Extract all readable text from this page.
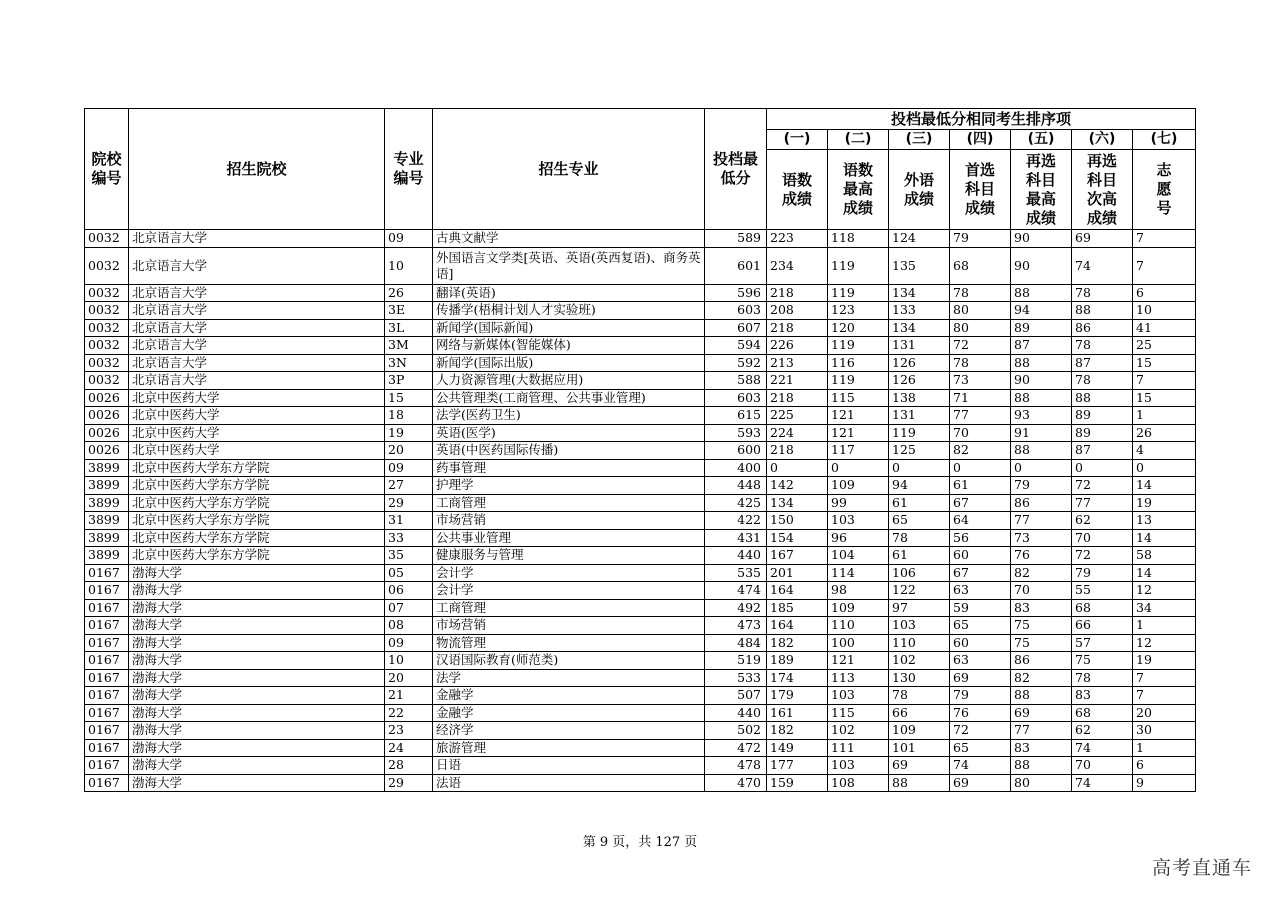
院校编号	招生院校	专业编号	招生专业	投档最低分	投档最低分相同考生排序项						
					(一)	(二)	(三)	(四)	(五)	(六)	(七)
					语数成绩	语数最高成绩	外语成绩	首选科目成绩	再选科目最高成绩	再选科目次高成绩	志愿号
0032	北京语言大学	09	古典文献学	589	223	118	124	79	90	69	7
0032	北京语言大学	10	外国语言文学类[英语、英语(英西复语)、商务英语]	601	234	119	135	68	90	74	7
0032	北京语言大学	26	翻译(英语)	596	218	119	134	78	88	78	6
0032	北京语言大学	3E	传播学(梧桐计划人才实验班)	603	208	123	133	80	94	88	10
0032	北京语言大学	3L	新闻学(国际新闻)	607	218	120	134	80	89	86	41
0032	北京语言大学	3M	网络与新媒体(智能媒体)	594	226	119	131	72	87	78	25
0032	北京语言大学	3N	新闻学(国际出版)	592	213	116	126	78	88	87	15
0032	北京语言大学	3P	人力资源管理(大数据应用)	588	221	119	126	73	90	78	7
0026	北京中医药大学	15	公共管理类(工商管理、公共事业管理)	603	218	115	138	71	88	88	15
0026	北京中医药大学	18	法学(医药卫生)	615	225	121	131	77	93	89	1
0026	北京中医药大学	19	英语(医学)	593	224	121	119	70	91	89	26
0026	北京中医药大学	20	英语(中医药国际传播)	600	218	117	125	82	88	87	4
3899	北京中医药大学东方学院	09	药事管理	400	0	0	0	0	0	0	0
3899	北京中医药大学东方学院	27	护理学	448	142	109	94	61	79	72	14
3899	北京中医药大学东方学院	29	工商管理	425	134	99	61	67	86	77	19
3899	北京中医药大学东方学院	31	市场营销	422	150	103	65	64	77	62	13
3899	北京中医药大学东方学院	33	公共事业管理	431	154	96	78	56	73	70	14
3899	北京中医药大学东方学院	35	健康服务与管理	440	167	104	61	60	76	72	58
0167	渤海大学	05	会计学	535	201	114	106	67	82	79	14
0167	渤海大学	06	会计学	474	164	98	122	63	70	55	12
0167	渤海大学	07	工商管理	492	185	109	97	59	83	68	34
0167	渤海大学	08	市场营销	473	164	110	103	65	75	66	1
0167	渤海大学	09	物流管理	484	182	100	110	60	75	57	12
0167	渤海大学	10	汉语国际教育(师范类)	519	189	121	102	63	86	75	19
0167	渤海大学	20	法学	533	174	113	130	69	82	78	7
0167	渤海大学	21	金融学	507	179	103	78	79	88	83	7
0167	渤海大学	22	金融学	440	161	115	66	76	69	68	20
0167	渤海大学	23	经济学	502	182	102	109	72	77	62	30
0167	渤海大学	24	旅游管理	472	149	111	101	65	83	74	1
0167	渤海大学	28	日语	478	177	103	69	74	88	70	6
0167	渤海大学	29	法语	470	159	108	88	69	80	74	9
第 9 页，共 127 页
高考直通车
